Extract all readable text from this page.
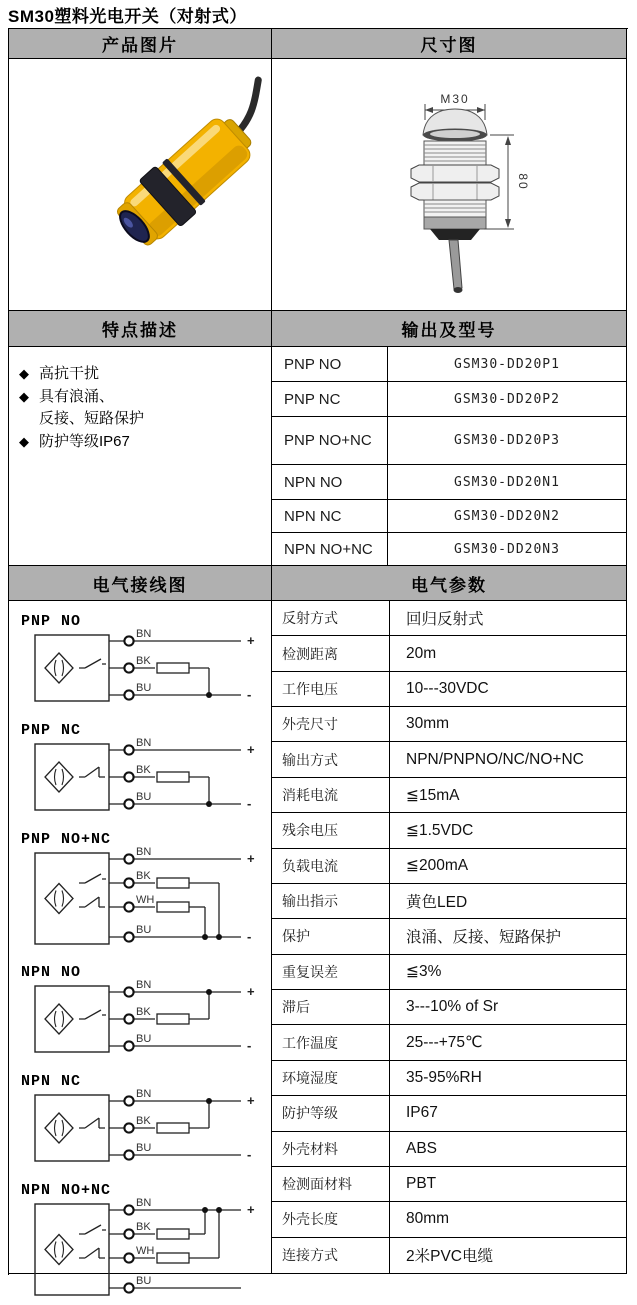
SM30塑料光电开关（对射式）
产品图片	尺寸图
M30
80
特点描述	输出及型号
◆ 高抗干扰
◆ 具有浪涌、
反接、短路保护
◆ 防护等级IP67
PNP NO	GSM30-DD20P1
PNP NC	GSM30-DD20P2
PNP NO+NC	GSM30-DD20P3
NPN NO	GSM30-DD20N1
NPN NC	GSM30-DD20N2
NPN NO+NC	GSM30-DD20N3
电气接线图	电气参数
PNP NO
BN
BK
BU
+
-
PNP NC
BN
BK
BU
+
-
PNP NO+NC
BN
BK
WH
BU
+
-
NPN NO
BN
BK
BU
+
-
NPN NC
BN
BK
BU
+
-
NPN NO+NC
BN
BK
WH
BU
+
反射方式	回归反射式
检测距离	20m
工作电压	10---30VDC
外壳尺寸	30mm
输出方式	NPN/PNPNO/NC/NO+NC
消耗电流	≦15mA
残余电压	≦1.5VDC
负载电流	≦200mA
输出指示	黄色LED
保护	浪涌、反接、短路保护
重复误差	≦3%
滞后	3---10% of Sr
工作温度	25---+75℃
环境湿度	35-95%RH
防护等级	IP67
外壳材料	ABS
检测面材料	PBT
外壳长度	80mm
连接方式	2米PVC电缆
